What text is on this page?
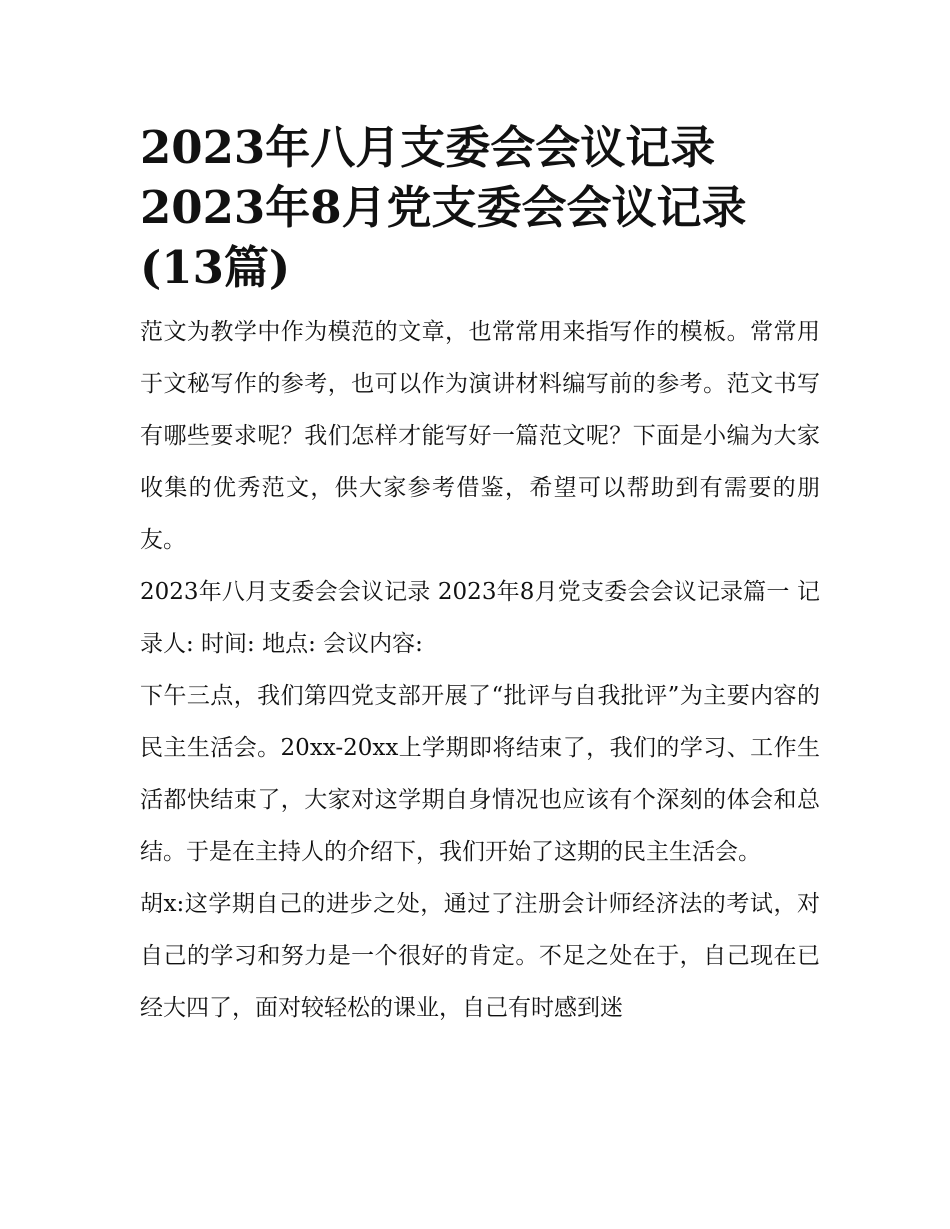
2023年八月支委会会议记录
2023年8月党支委会会议记录
(13篇)

范文为教学中作为模范的文章，也常常用来指写作的模板。常常用于文秘写作的参考，也可以作为演讲材料编写前的参考。范文书写有哪些要求呢？我们怎样才能写好一篇范文呢？下面是小编为大家收集的优秀范文，供大家参考借鉴，希望可以帮助到有需要的朋友。

2023年八月支委会会议记录 2023年8月党支委会会议记录篇一 记录人: 时间: 地点: 会议内容:

下午三点，我们第四党支部开展了“批评与自我批评”为主要内容的民主生活会。20xx-20xx上学期即将结束了，我们的学习、工作生活都快结束了，大家对这学期自身情况也应该有个深刻的体会和总结。于是在主持人的介绍下，我们开始了这期的民主生活会。

胡x:这学期自己的进步之处，通过了注册会计师经济法的考试，对自己的学习和努力是一个很好的肯定。不足之处在于，自己现在已经大四了，面对较轻松的课业，自己有时感到迷
